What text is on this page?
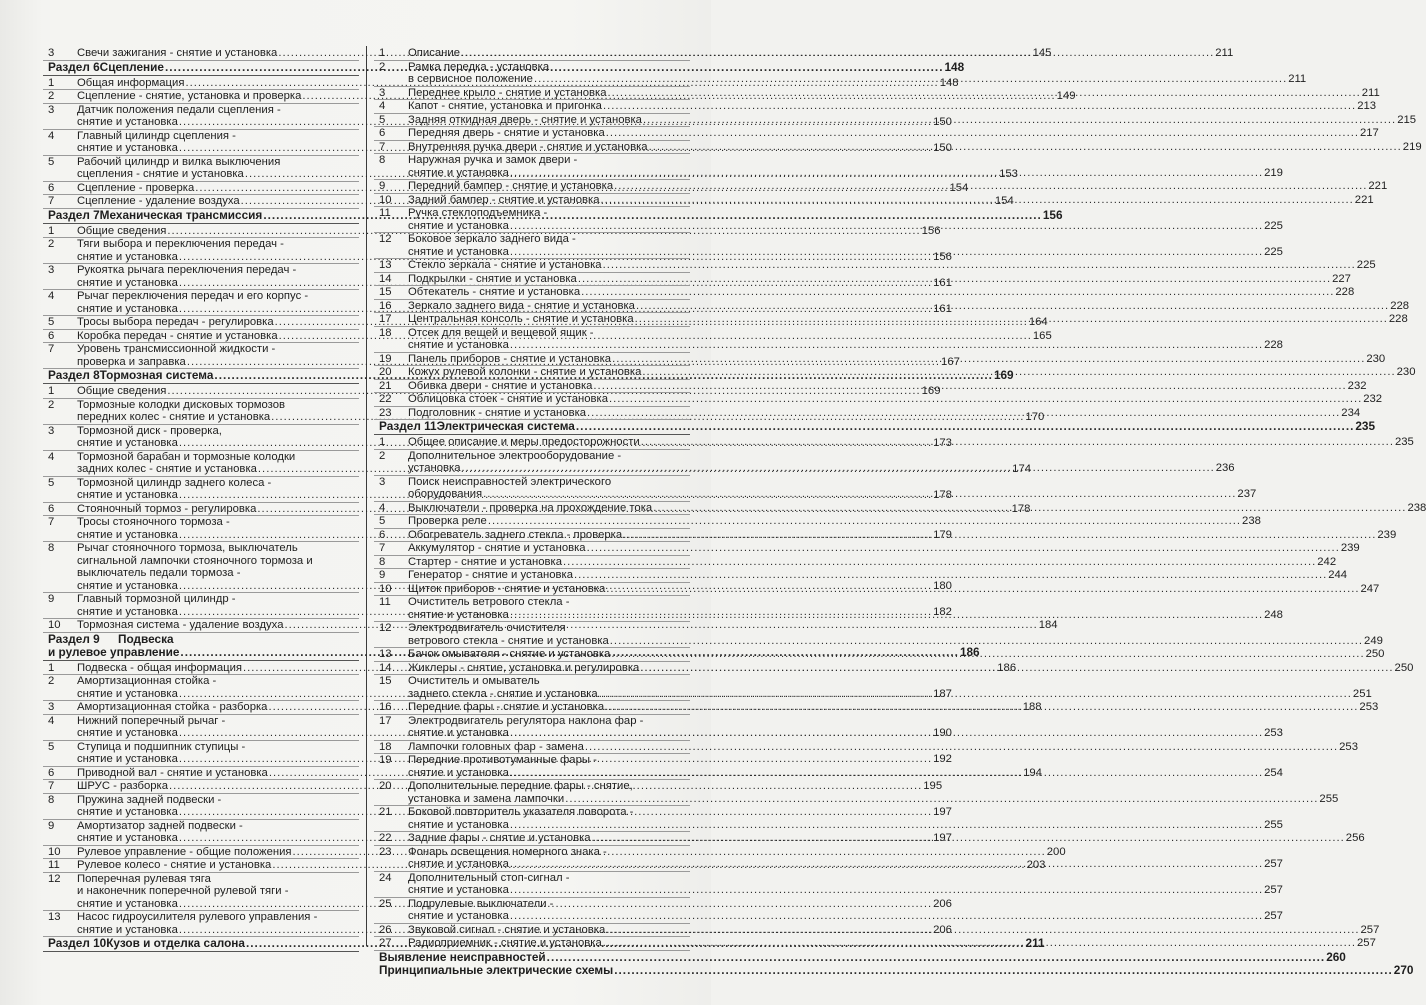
3	Свечи зажигания - снятие и установка .....	145
Раздел 6 Сцепление .....	148
1	Общая информация .....	148
2	Сцепление - снятие, установка и проверка .....	149
3	Датчик положения педали сцепления -
снятие и установка .....	150
4	Главный цилиндр сцепления -
снятие и установка .....	150
5	Рабочий цилиндр и вилка выключения
сцепления - снятие и установка .....	153
6	Сцепление - проверка .....	154
7	Сцепление - удаление воздуха .....	154
Раздел 7 Механическая трансмиссия .....	156
1	Общие сведения .....	156
2	Тяги выбора и переключения передач -
снятие и установка .....	156
3	Рукоятка рычага переключения передач -
снятие и установка .....	161
4	Рычаг переключения передач и его корпус -
снятие и установка .....	161
5	Тросы выбора передач - регулировка .....	164
6	Коробка передач - снятие и установка .....	165
7	Уровень трансмиссионной жидкости -
проверка и заправка .....	167
Раздел 8 Тормозная система .....	169
1	Общие сведения .....	169
2	Тормозные колодки дисковых тормозов
передних колес - снятие и установка .....	170
3	Тормозной диск - проверка,
снятие и установка .....	173
4	Тормозной барабан и тормозные колодки
задних колес - снятие и установка .....	174
5	Тормозной цилиндр заднего колеса -
снятие и установка .....	178
6	Стояночный тормоз - регулировка .....	178
7	Тросы стояночного тормоза -
снятие и установка .....	179
8	Рычаг стояночного тормоза, выключатель
сигнальной лампочки стояночного тормоза и
выключатель педали тормоза -
снятие и установка .....	180
9	Главный тормозной цилиндр -
снятие и установка .....	182
10	Тормозная система - удаление воздуха .....	184
Раздел 9	Подвеска
и рулевое управление .....	186
1	Подвеска - общая информация .....	186
2	Амортизационная стойка -
снятие и установка .....	187
3	Амортизационная стойка - разборка .....	188
4	Нижний поперечный рычаг -
снятие и установка .....	190
5	Ступица и подшипник ступицы -
снятие и установка .....	192
6	Приводной вал - снятие и установка .....	194
7	ШРУС - разборка .....	195
8	Пружина задней подвески -
снятие и установка .....	197
9	Амортизатор задней подвески -
снятие и установка .....	197
10	Рулевое управление - общие положения .....	200
11	Рулевое колесо - снятие и установка .....	203
12	Поперечная рулевая тяга
и наконечник поперечной рулевой тяги -
снятие и установка .....	206
13	Насос гидроусилителя рулевого управления -
снятие и установка .....	206
Раздел 10 Кузов и отделка салона .....	211
1	Описание .....	211
2	Рамка передка - установка
в сервисное положение .....	211
3	Переднее крыло - снятие и установка .....	211
4	Капот - снятие, установка и пригонка .....	213
5	Задняя откидная дверь - снятие и установка .....	215
6	Передняя дверь - снятие и установка .....	217
7	Внутренняя ручка двери - снятие и установка .....	219
8	Наружная ручка и замок двери -
снятие и установка .....	219
9	Передний бампер - снятие и установка .....	221
10	Задний бампер - снятие и установка .....	221
11	Ручка стеклоподъемника -
снятие и установка .....	225
12	Боковое зеркало заднего вида -
снятие и установка .....	225
13	Стекло зеркала - снятие и установка .....	225
14	Подкрылки - снятие и установка .....	227
15	Обтекатель - снятие и установка .....	228
16	Зеркало заднего вида - снятие и установка .....	228
17	Центральная консоль - снятие и установка .....	228
18	Отсек для вещей и вещевой ящик -
снятие и установка .....	228
19	Панель приборов - снятие и установка .....	230
20	Кожух рулевой колонки - снятие и установка .....	230
21	Обивка двери - снятие и установка .....	232
22	Облицовка стоек - снятие и установка .....	232
23	Подголовник - снятие и установка .....	234
Раздел 11 Электрическая система .....	235
1	Общее описание и меры предосторожности .....	235
2	Дополнительное электрооборудование -
установка .....	236
3	Поиск неисправностей электрического
оборудования .....	237
4	Выключатели - проверка на прохождение тока .....	238
5	Проверка реле .....	238
6	Обогреватель заднего стекла - проверка .....	239
7	Аккумулятор - снятие и установка .....	239
8	Стартер - снятие и установка .....	242
9	Генератор - снятие и установка .....	244
10	Щиток приборов - снятие и установка .....	247
11	Очиститель ветрового стекла -
снятие и установка .....	248
12	Электродвигатель очистителя
ветрового стекла - снятие и установка .....	249
13	Бачок омывателя - снятие и установка .....	250
14	Жиклеры - снятие, установка и регулировка .....	250
15	Очиститель и омыватель
заднего стекла - снятие и установка .....	251
16	Передние фары - снятие и установка .....	253
17	Электродвигатель регулятора наклона фар -
снятие и установка .....	253
18	Лампочки головных фар - замена .....	253
19	Передние противотуманные фары -
снятие и установка .....	254
20	Дополнительные передние фары - снятие,
установка и замена лампочки .....	255
21	Боковой повторитель указателя поворота -
снятие и установка .....	255
22	Задние фары - снятие и установка .....	256
23	Фонарь освещения номерного знака -
снятие и установка .....	257
24	Дополнительный стоп-сигнал -
снятие и установка .....	257
25	Подрулевые выключатели -
снятие и установка .....	257
26	Звуковой сигнал - снятие и установка .....	257
27	Радиоприемник - снятие и установка .....	257
Выявление неисправностей .....	260
Принципиальные электрические схемы .....	270
